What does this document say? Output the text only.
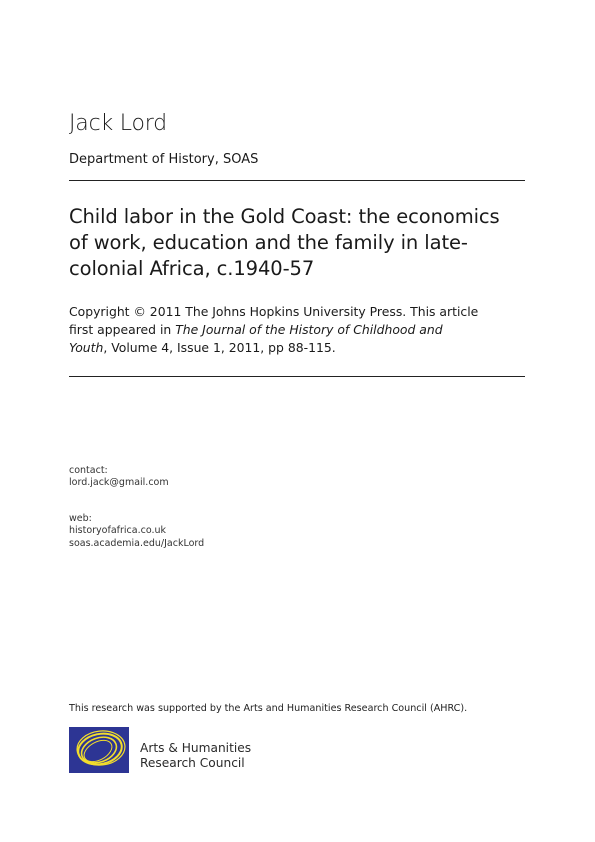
Jack Lord
Department of History, SOAS
Child labor in the Gold Coast: the economics
of work, education and the family in late-
colonial Africa, c.1940-57
Copyright © 2011 The Johns Hopkins University Press. This article
first appeared in The Journal of the History of Childhood and
Youth, Volume 4, Issue 1, 2011, pp 88-115.
contact:
lord.jack@gmail.com
web:
historyofafrica.co.uk
soas.academia.edu/JackLord
This research was supported by the Arts and Humanities Research Council (AHRC).
Arts & Humanities
Research Council
